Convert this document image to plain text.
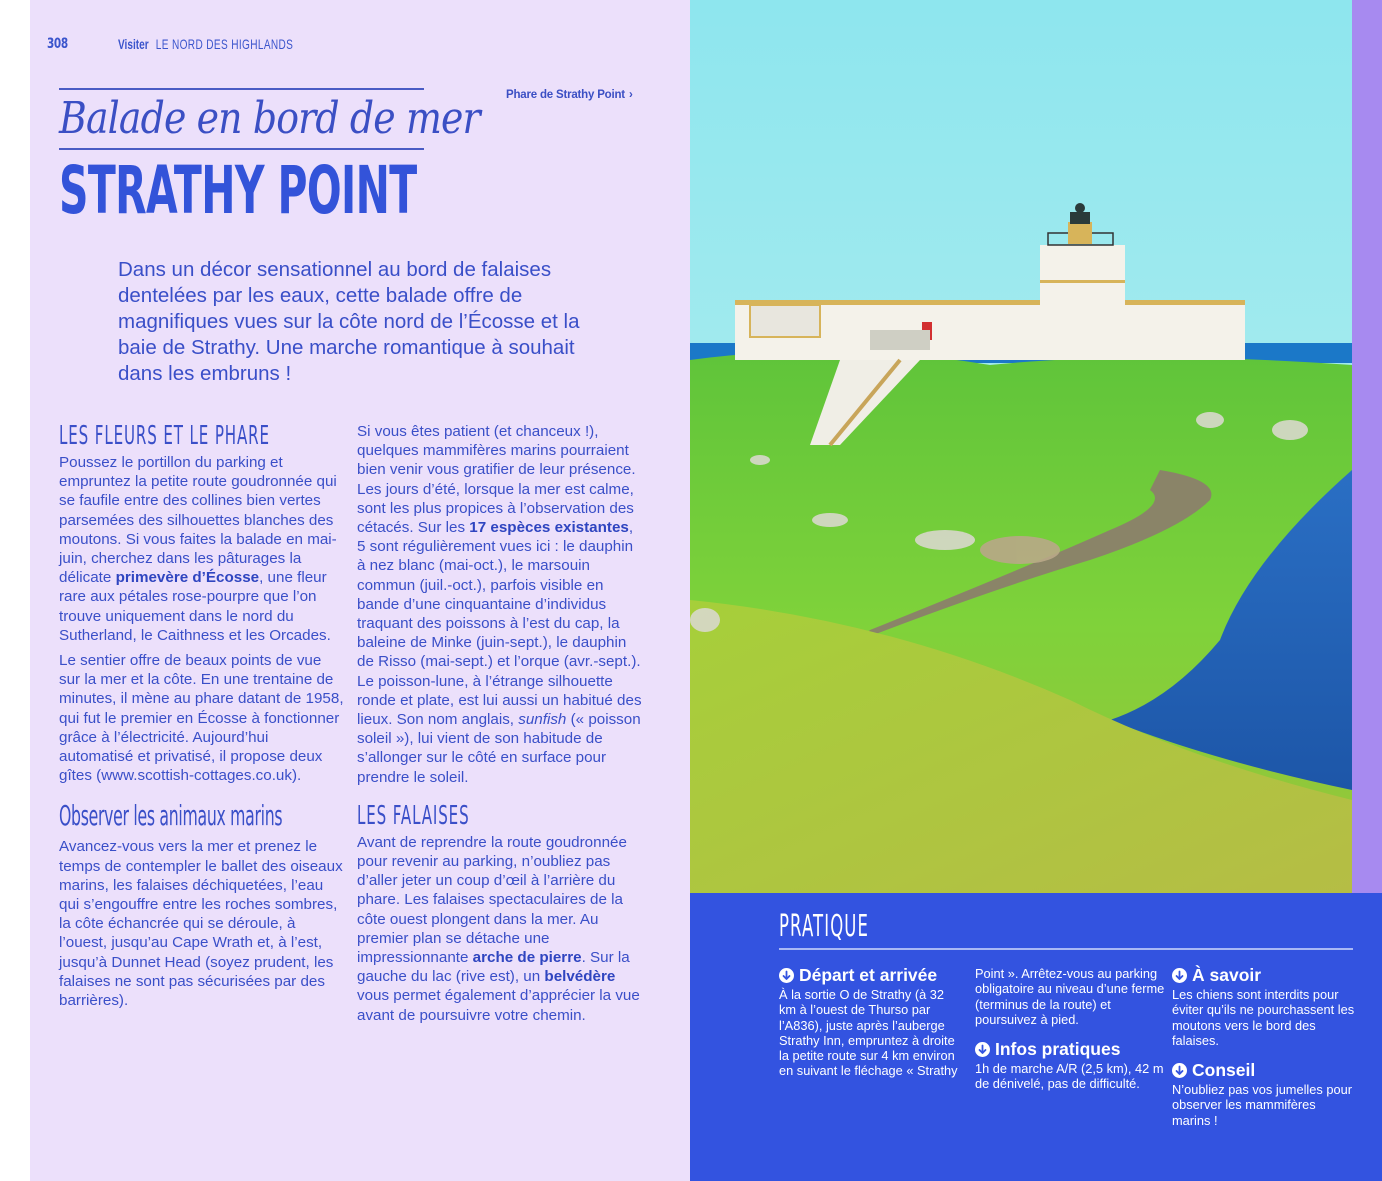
308	Visiter LE NORD DES HIGHLANDS
Balade en bord de mer
STRATHY POINT
Phare de Strathy Point ›
Dans un décor sensationnel au bord de falaises dentelées par les eaux, cette balade offre de magnifiques vues sur la côte nord de l’Écosse et la baie de Strathy. Une marche romantique à souhait dans les embruns !
LES FLEURS ET LE PHARE

Poussez le portillon du parking et empruntez la petite route goudronnée qui se faufile entre des collines bien vertes parsemées des silhouettes blanches des moutons. Si vous faites la balade en mai-juin, cherchez dans les pâturages la délicate primevère d’Écosse, une fleur rare aux pétales rose-pourpre que l’on trouve uniquement dans le nord du Sutherland, le Caithness et les Orcades.

Le sentier offre de beaux points de vue sur la mer et la côte. En une trentaine de minutes, il mène au phare datant de 1958, qui fut le premier en Écosse à fonctionner grâce à l’électricité. Aujourd’hui automatisé et privatisé, il propose deux gîtes (www.scottish-cottages.co.uk).

Observer les animaux marins

Avancez-vous vers la mer et prenez le temps de contempler le ballet des oiseaux marins, les falaises déchiquetées, l’eau qui s’engouffre entre les roches sombres, la côte échancrée qui se déroule, à l’ouest, jusqu’au Cape Wrath et, à l’est, jusqu’à Dunnet Head (soyez prudent, les falaises ne sont pas sécurisées par des barrières).

Si vous êtes patient (et chanceux !), quelques mammifères marins pourraient bien venir vous gratifier de leur présence. Les jours d’été, lorsque la mer est calme, sont les plus propices à l’observation des cétacés. Sur les 17 espèces existantes, 5 sont régulièrement vues ici : le dauphin à nez blanc (mai-oct.), le marsouin commun (juil.-oct.), parfois visible en bande d’une cinquantaine d’individus traquant des poissons à l’est du cap, la baleine de Minke (juin-sept.), le dauphin de Risso (mai-sept.) et l’orque (avr.-sept.). Le poisson-lune, à l’étrange silhouette ronde et plate, est lui aussi un habitué des lieux. Son nom anglais, sunfish (« poisson soleil »), lui vient de son habitude de s’allonger sur le côté en surface pour prendre le soleil.

LES FALAISES

Avant de reprendre la route goudronnée pour revenir au parking, n’oubliez pas d’aller jeter un coup d’œil à l’arrière du phare. Les falaises spectaculaires de la côte ouest plongent dans la mer. Au premier plan se détache une impressionnante arche de pierre. Sur la gauche du lac (rive est), un belvédère vous permet également d’apprécier la vue avant de poursuivre votre chemin.

PRATIQUE
Départ et arrivée
À la sortie O de Strathy (à 32 km à l’ouest de Thurso par l’A836), juste après l’auberge Strathy Inn, empruntez à droite la petite route sur 4 km environ en suivant le fléchage « Strathy
Point ». Arrêtez-vous au parking obligatoire au niveau d’une ferme (terminus de la route) et poursuivez à pied.
Infos pratiques
1h de marche A/R (2,5 km), 42 m de dénivelé, pas de difficulté.
À savoir
Les chiens sont interdits pour éviter qu’ils ne pourchassent les moutons vers le bord des falaises.
Conseil
N’oubliez pas vos jumelles pour observer les mammifères marins !
